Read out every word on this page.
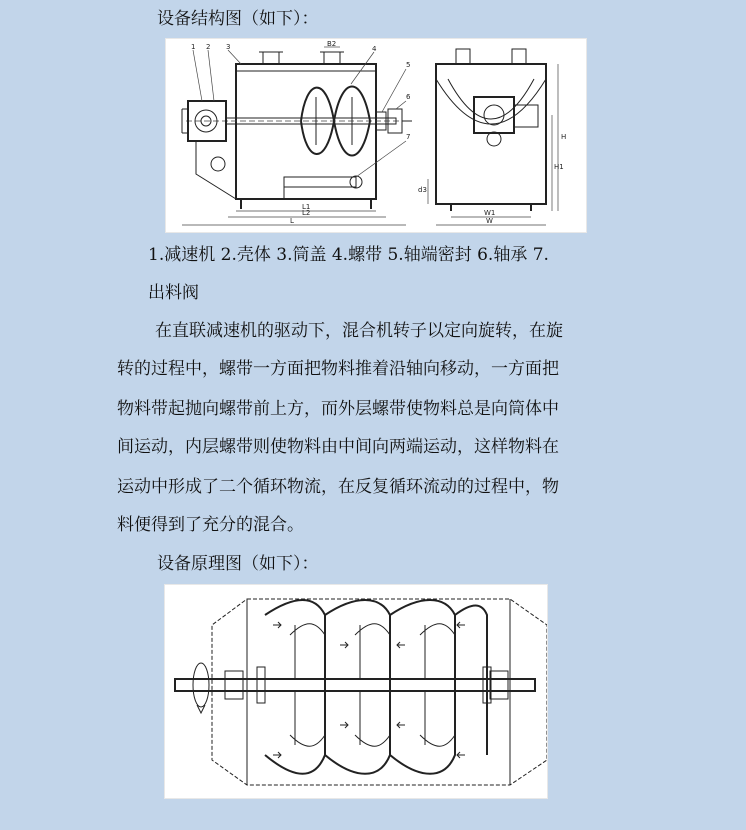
设备结构图（如下）：
L1
L2
L
B2
1 2 3	4
5
6
7
W1
W
H
H1
d3
1.减速机 2.壳体 3.筒盖 4.螺带 5.轴端密封 6.轴承 7.
出料阀
在直联减速机的驱动下，混合机转子以定向旋转，在旋
转的过程中，螺带一方面把物料推着沿轴向移动，一方面把
物料带起抛向螺带前上方，而外层螺带使物料总是向筒体中
间运动，内层螺带则使物料由中间向两端运动，这样物料在
运动中形成了二个循环物流，在反复循环流动的过程中，物
料便得到了充分的混合。
设备原理图（如下）：
